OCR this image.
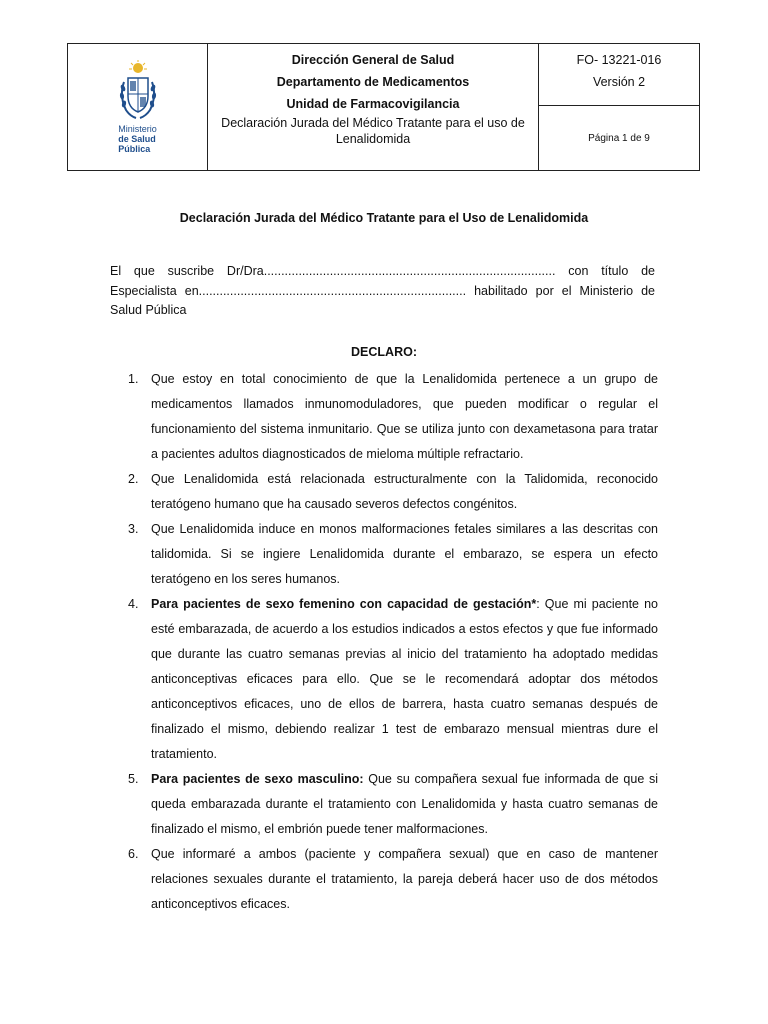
Ministerio
de Salud
Pública
Dirección General de Salud
Departamento de Medicamentos
Unidad de Farmacovigilancia
Declaración Jurada del Médico Tratante para el uso de Lenalidomida
FO- 13221-016
Versión 2
Página 1 de 9
Declaración Jurada del Médico Tratante para el Uso de Lenalidomida
El que suscribe Dr/Dra.................................................................................... con título de Especialista en............................................................................. habilitado por el Ministerio de Salud Pública
DECLARO:
1. Que estoy en total conocimiento de que la Lenalidomida pertenece a un grupo de medicamentos llamados inmunomoduladores, que pueden modificar o regular el funcionamiento del sistema inmunitario. Que se utiliza junto con dexametasona para tratar a pacientes adultos diagnosticados de mieloma múltiple refractario.
2. Que Lenalidomida está relacionada estructuralmente con la Talidomida, reconocido teratógeno humano que ha causado severos defectos congénitos.
3. Que Lenalidomida induce en monos malformaciones fetales similares a las descritas con talidomida. Si se ingiere Lenalidomida durante el embarazo, se espera un efecto teratógeno en los seres humanos.
4. Para pacientes de sexo femenino con capacidad de gestación*: Que mi paciente no esté embarazada, de acuerdo a los estudios indicados a estos efectos y que fue informado que durante las cuatro semanas previas al inicio del tratamiento ha adoptado medidas anticonceptivas eficaces para ello. Que se le recomendará adoptar dos métodos anticonceptivos eficaces, uno de ellos de barrera, hasta cuatro semanas después de finalizado el mismo, debiendo realizar 1 test de embarazo mensual mientras dure el tratamiento.
5. Para pacientes de sexo masculino: Que su compañera sexual fue informada de que si queda embarazada durante el tratamiento con Lenalidomida y hasta cuatro semanas de finalizado el mismo, el embrión puede tener malformaciones.
6. Que informaré a ambos (paciente y compañera sexual) que en caso de mantener relaciones sexuales durante el tratamiento, la pareja deberá hacer uso de dos métodos anticonceptivos eficaces.
